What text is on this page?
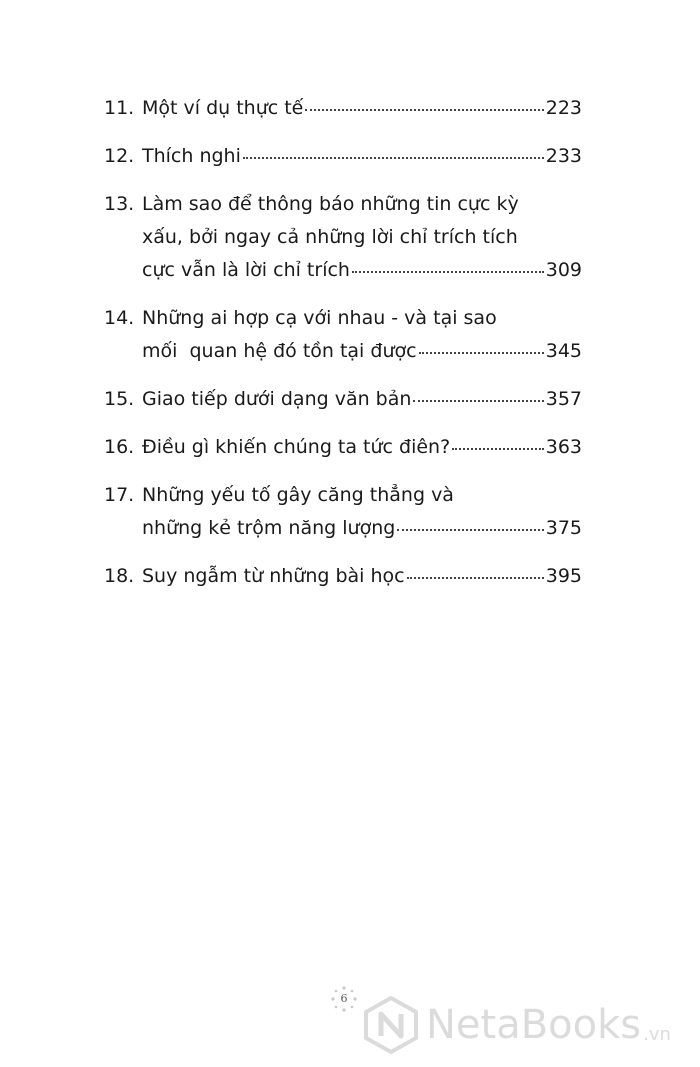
11. Một ví dụ thực tế	223
12. Thích nghi	233
13. Làm sao để thông báo những tin cực kỳ
xấu, bởi ngay cả những lời chỉ trích tích
cực vẫn là lời chỉ trích	309
14. Những ai hợp cạ với nhau - và tại sao
mối  quan hệ đó tồn tại được	345
15. Giao tiếp dưới dạng văn bản	357
16. Điều gì khiến chúng ta tức điên?	363
17. Những yếu tố gây căng thẳng và
những kẻ trộm năng lượng	375
18. Suy ngẫm từ những bài học	395
6
NetaBooks .vn
